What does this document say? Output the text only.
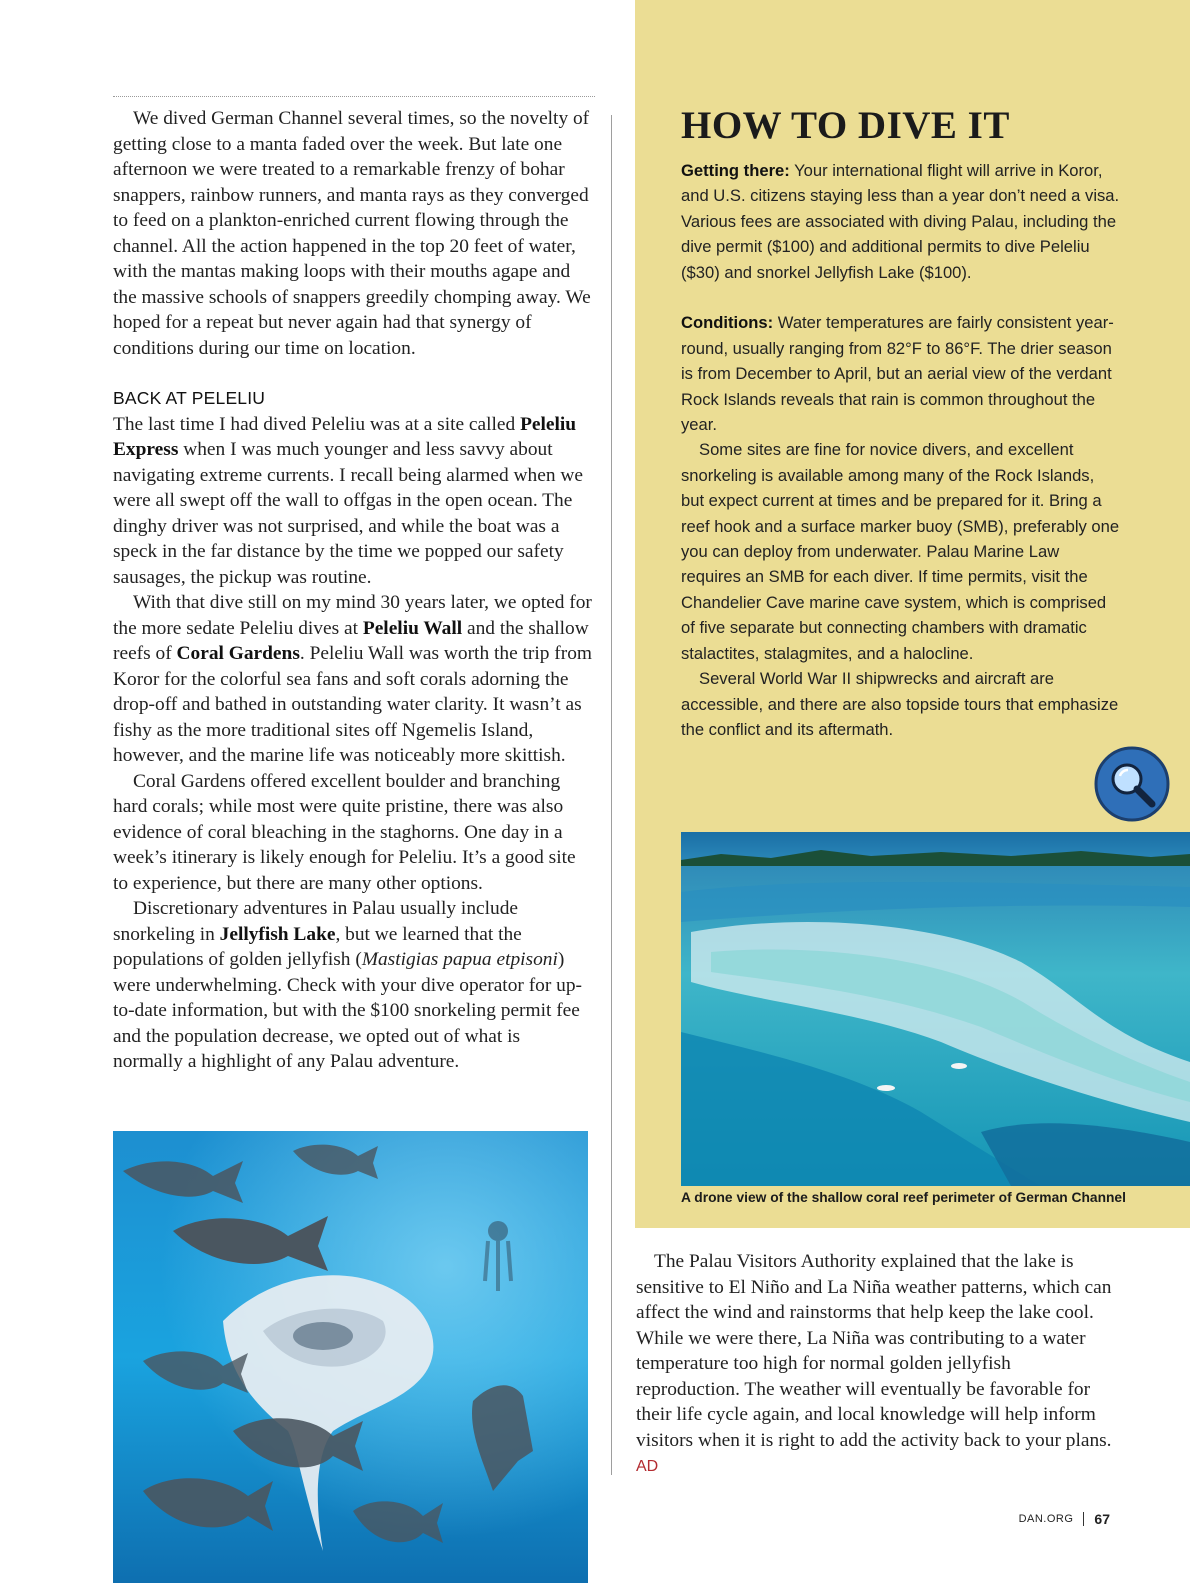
We dived German Channel several times, so the novelty of getting close to a manta faded over the week. But late one afternoon we were treated to a remarkable frenzy of bohar snappers, rainbow runners, and manta rays as they converged to feed on a plankton-enriched current flowing through the channel. All the action happened in the top 20 feet of water, with the mantas making loops with their mouths agape and the massive schools of snappers greedily chomping away. We hoped for a repeat but never again had that synergy of conditions during our time on location.

BACK AT PELELIU

The last time I had dived Peleliu was at a site called Peleliu Express when I was much younger and less savvy about navigating extreme currents. I recall being alarmed when we were all swept off the wall to offgas in the open ocean. The dinghy driver was not surprised, and while the boat was a speck in the far distance by the time we popped our safety sausages, the pickup was routine.

With that dive still on my mind 30 years later, we opted for the more sedate Peleliu dives at Peleliu Wall and the shallow reefs of Coral Gardens. Peleliu Wall was worth the trip from Koror for the colorful sea fans and soft corals adorning the drop-off and bathed in outstanding water clarity. It wasn’t as fishy as the more traditional sites off Ngemelis Island, however, and the marine life was noticeably more skittish.

Coral Gardens offered excellent boulder and branching hard corals; while most were quite pristine, there was also evidence of coral bleaching in the staghorns. One day in a week’s itinerary is likely enough for Peleliu. It’s a good site to experience, but there are many other options.

Discretionary adventures in Palau usually include snorkeling in Jellyfish Lake, but we learned that the populations of golden jellyfish (Mastigias papua etpisoni) were underwhelming. Check with your dive operator for up-to-date information, but with the $100 snorkeling permit fee and the population decrease, we opted out of what is normally a highlight of any Palau adventure.

HOW TO DIVE IT

Getting there: Your international flight will arrive in Koror, and U.S. citizens staying less than a year don’t need a visa. Various fees are associated with diving Palau, including the dive permit ($100) and additional permits to dive Peleliu ($30) and snorkel Jellyfish Lake ($100).

Conditions: Water temperatures are fairly consistent year-round, usually ranging from 82°F to 86°F. The drier season is from December to April, but an aerial view of the verdant Rock Islands reveals that rain is common throughout the year.

Some sites are fine for novice divers, and excellent snorkeling is available among many of the Rock Islands, but expect current at times and be prepared for it. Bring a reef hook and a surface marker buoy (SMB), preferably one you can deploy from underwater. Palau Marine Law requires an SMB for each diver. If time permits, visit the Chandelier Cave marine cave system, which is comprised of five separate but connecting chambers with dramatic stalactites, stalagmites, and a halocline.

Several World War II shipwrecks and aircraft are accessible, and there are also topside tours that emphasize the conflict and its aftermath.

A drone view of the shallow coral reef perimeter of German Channel

The Palau Visitors Authority explained that the lake is sensitive to El Niño and La Niña weather patterns, which can affect the wind and rainstorms that help keep the lake cool. While we were there, La Niña was contributing to a water temperature too high for normal golden jellyfish reproduction. The weather will eventually be favorable for their life cycle again, and local knowledge will help inform visitors when it is right to add the activity back to your plans. AD

DAN.ORG 67
